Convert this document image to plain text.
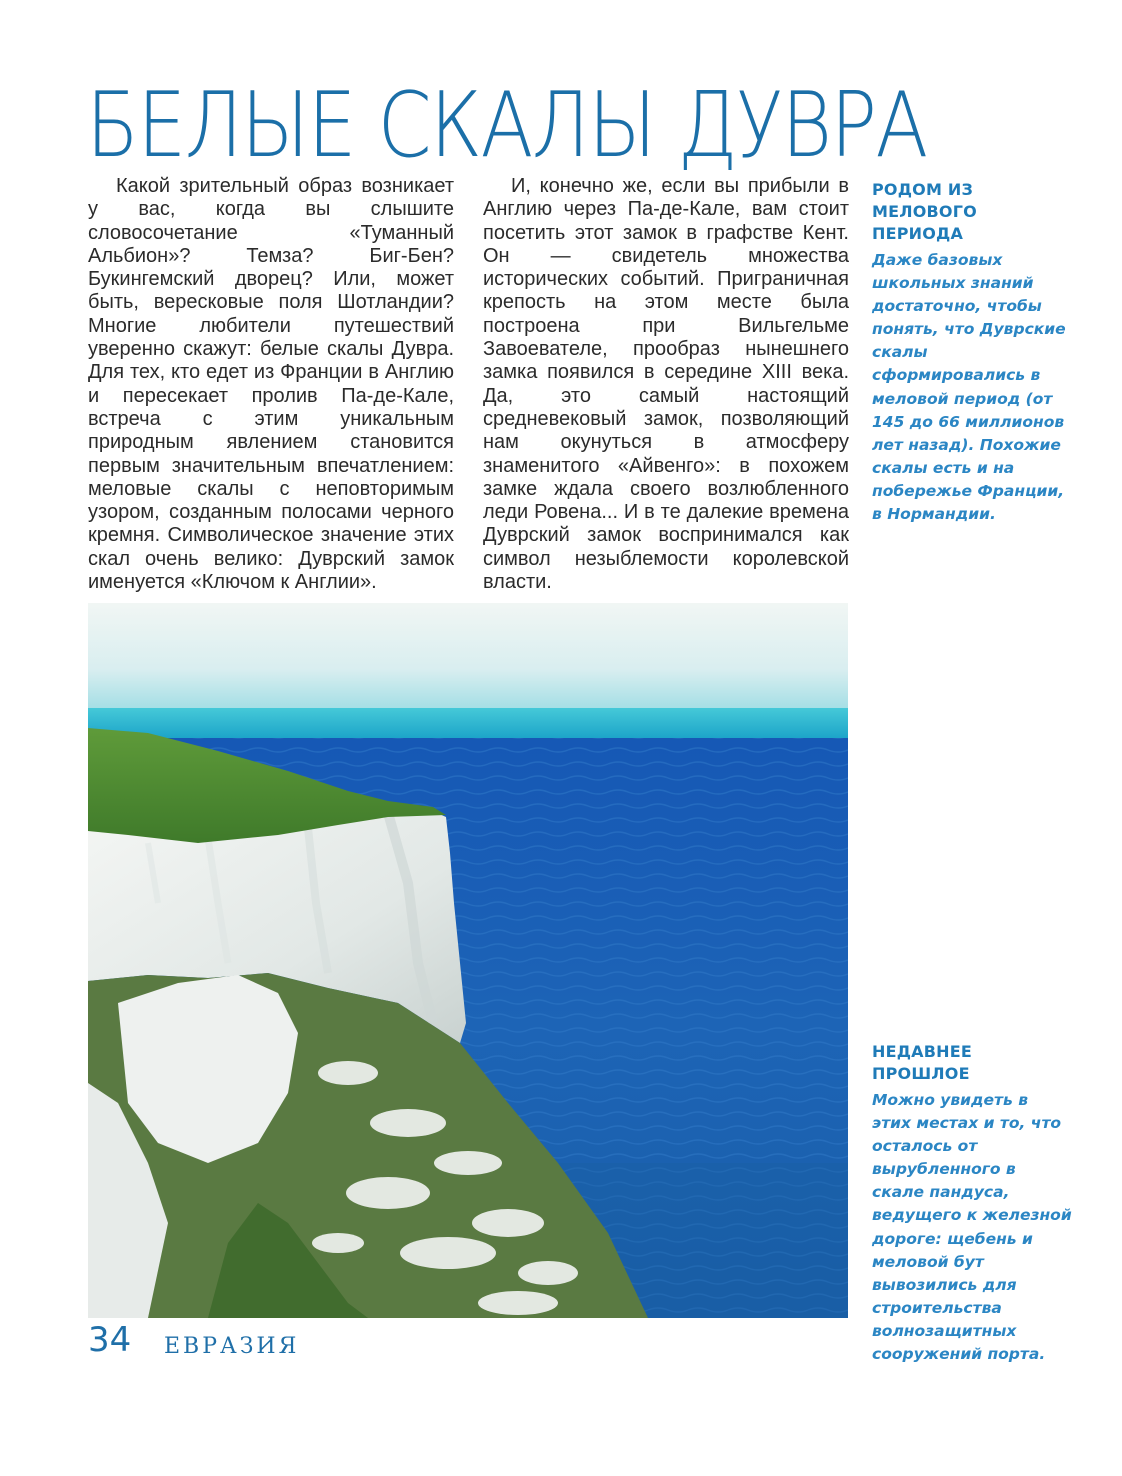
БЕЛЫЕ СКАЛЫ ДУВРА

Какой зрительный образ возникает у вас, когда вы слышите словосочетание «Туманный Альбион»? Темза? Биг-Бен? Букингемский дворец? Или, может быть, вересковые поля Шотландии? Многие любители путешествий уверенно скажут: белые скалы Дувра. Для тех, кто едет из Франции в Англию и пересекает пролив Па-де-Кале, встреча с этим уникальным природным явлением становится первым значительным впечатлением: меловые скалы с неповторимым узором, созданным полосами черного кремня. Символическое значение этих скал очень велико: Дуврский замок именуется «Ключом к Англии».

И, конечно же, если вы прибыли в Англию через Па-де-Кале, вам стоит посетить этот замок в графстве Кент. Он — свидетель множества исторических событий. Приграничная крепость на этом месте была построена при Вильгельме Завоевателе, прообраз нынешнего замка появился в середине XIII века. Да, это самый настоящий средневековый замок, позволяющий нам окунуться в атмосферу знаменитого «Айвенго»: в похожем замке ждала своего возлюбленного леди Ровена... И в те далекие времена Дуврский замок воспринимался как символ незыблемости королевской власти.

РОДОМ ИЗ МЕЛОВОГО ПЕРИОДА

Даже базовых школьных знаний достаточно, чтобы понять, что Дуврские скалы сформировались в меловой период (от 145 до 66 миллионов лет назад). Похожие скалы есть и на побережье Франции, в Нормандии.

НЕДАВНЕЕ ПРОШЛОЕ

Можно увидеть в этих местах и то, что осталось от вырубленного в скале пандуса, ведущего к железной дороге: щебень и меловой бут вывозились для строительства волнозащитных сооружений порта.

34 ЕВРАЗИЯ
